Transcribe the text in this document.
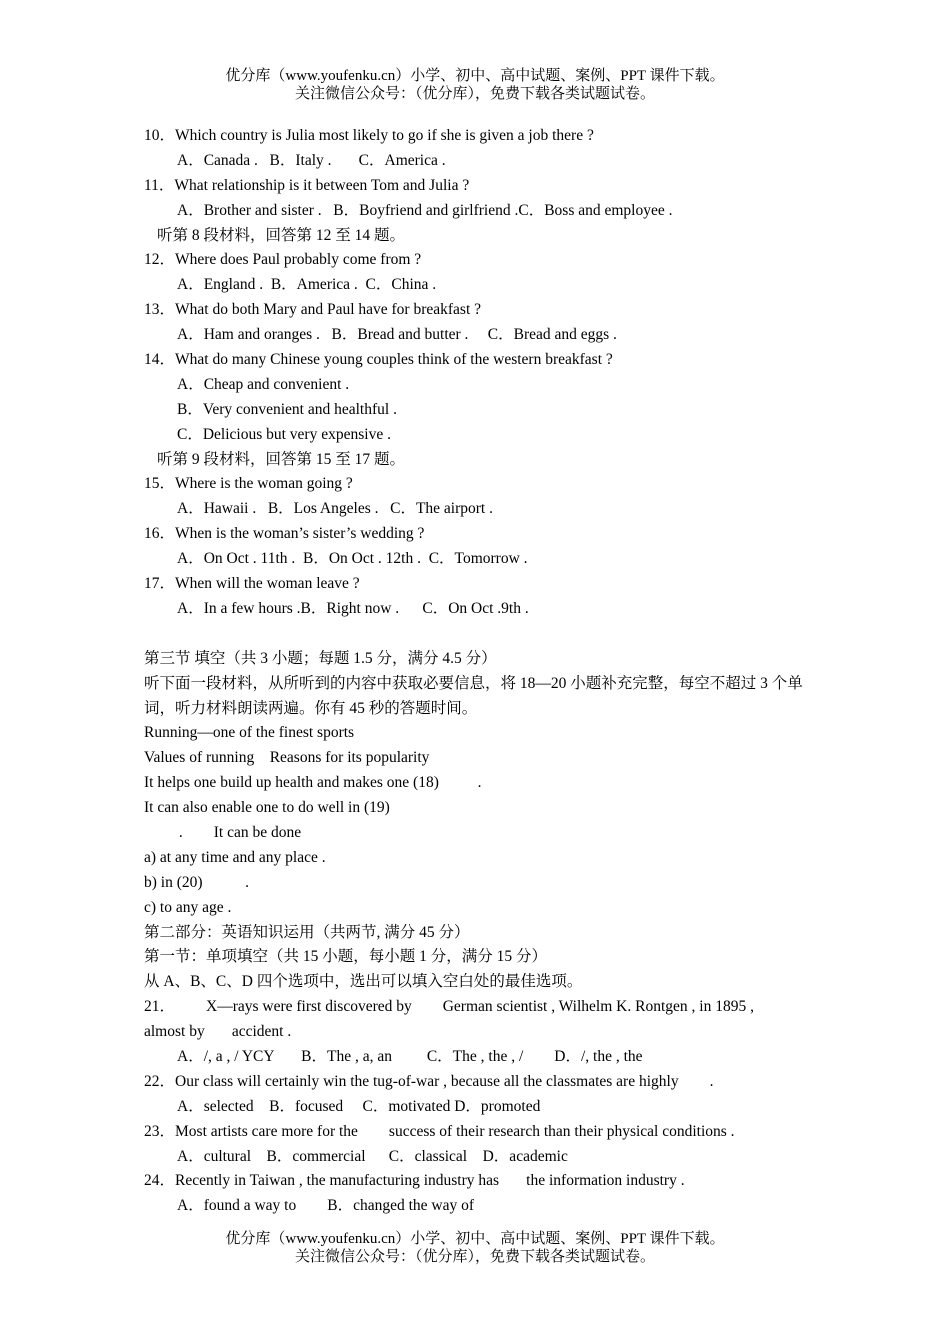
优分库（www.youfenku.cn）小学、初中、高中试题、案例、PPT 课件下载。
关注微信公众号：（优分库），免费下载各类试题试卷。
10．Which country is Julia most likely to go if she is given a job there ?
A．Canada .   B．Italy .       C．America .
11．What relationship is it between Tom and Julia ?
A．Brother and sister .   B．Boyfriend and girlfriend .C．Boss and employee .
听第 8 段材料，回答第 12 至 14 题。
12．Where does Paul probably come from ?
A．England .  B．America .  C．China .
13．What do both Mary and Paul have for breakfast ?
A．Ham and oranges .   B．Bread and butter .     C．Bread and eggs .
14．What do many Chinese young couples think of the western breakfast ?
A．Cheap and convenient .
B．Very convenient and healthful .
C．Delicious but very expensive .
听第 9 段材料，回答第 15 至 17 题。
15．Where is the woman going ?
A．Hawaii .   B．Los Angeles .   C．The airport .
16．When is the woman’s sister’s wedding ?
A．On Oct . 11th .  B．On Oct . 12th .  C．Tomorrow .
17．When will the woman leave ?
A．In a few hours .B．Right now .      C．On Oct .9th .
第三节 填空（共 3 小题；每题 1.5 分，满分 4.5 分）
听下面一段材料，从所听到的内容中获取必要信息，将 18—20 小题补充完整，每空不超过 3 个单词，听力材料朗读两遍。你有 45 秒的答题时间。
Running—one of the finest sports
Values of running    Reasons for its popularity
It helps one build up health and makes one (18)          .
It can also enable one to do well in (19)
.        It can be done
a) at any time and any place .
b) in (20)           .
c) to any age .
第二部分：英语知识运用（共两节, 满分 45 分）
第一节：单项填空（共 15 小题，每小题 1 分，满分 15 分）
从 A、B、C、D 四个选项中，选出可以填入空白处的最佳选项。
21．        X—rays were first discovered by        German scientist , Wilhelm K. Rontgen , in 1895 ,
almost by       accident .
A．/, a , / YCY       B．The , a, an         C．The , the , /        D．/, the , the
22．Our class will certainly win the tug-of-war , because all the classmates are highly        .
A．selected    B．focused     C．motivated D．promoted
23．Most artists care more for the        success of their research than their physical conditions .
A．cultural    B．commercial      C．classical    D．academic
24．Recently in Taiwan , the manufacturing industry has       the information industry .
A．found a way to        B．changed the way of
优分库（www.youfenku.cn）小学、初中、高中试题、案例、PPT 课件下载。
关注微信公众号：（优分库），免费下载各类试题试卷。
